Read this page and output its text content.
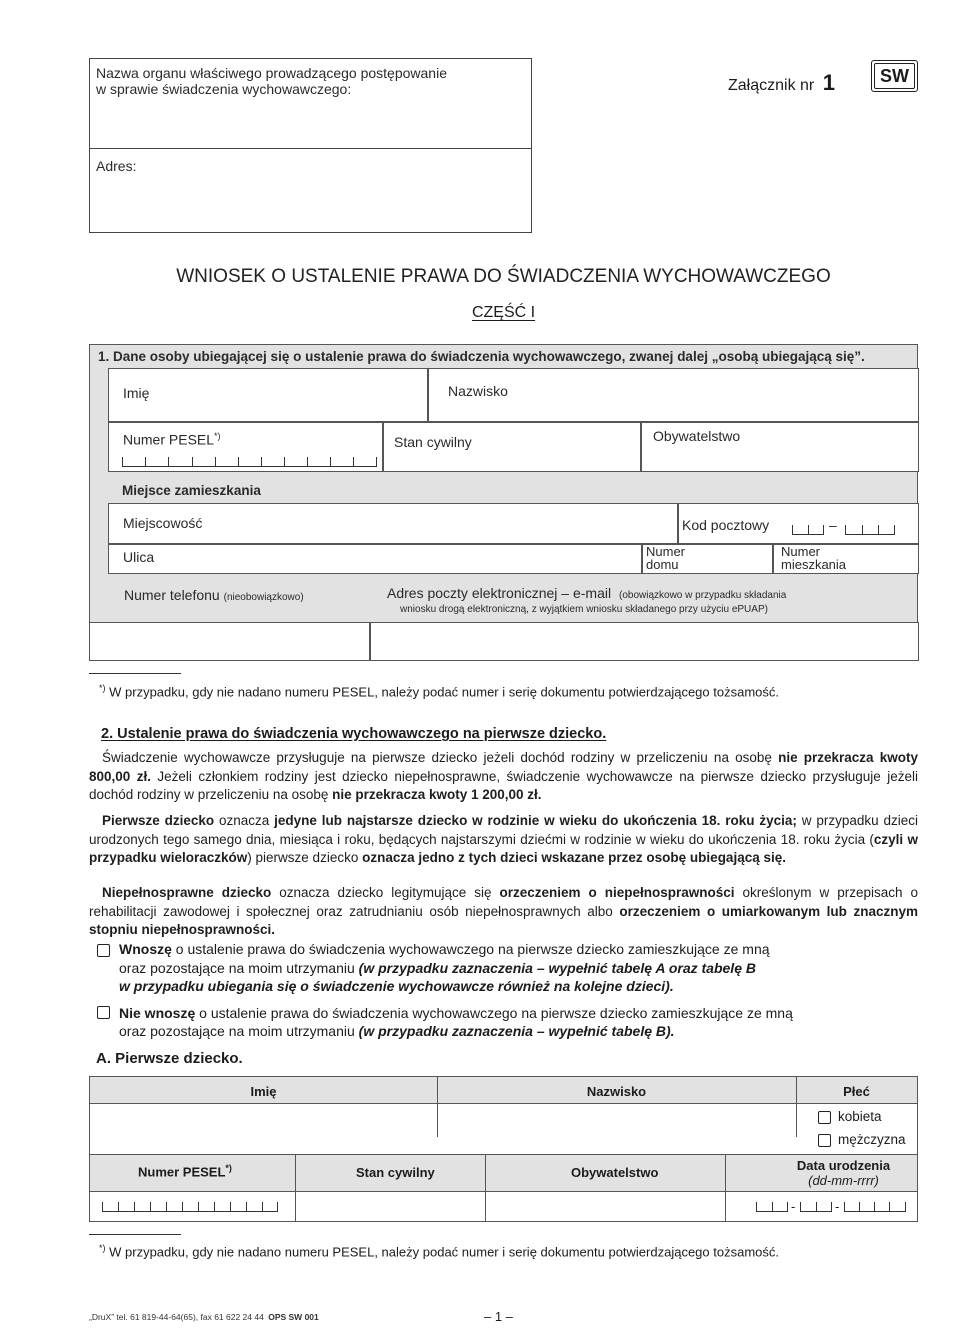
Nazwa organu właściwego prowadzącego postępowanie
w sprawie świadczenia wychowawczego:
Adres:
Załącznik nr 1	SW
WNIOSEK O USTALENIE PRAWA DO ŚWIADCZENIA WYCHOWAWCZEGO
CZĘŚĆ I
1. Dane osoby ubiegającej się o ustalenie prawa do świadczenia wychowawczego, zwanej dalej „osobą ubiegającą się”.
Imię	Nazwisko
Numer PESEL*)	Stan cywilny	Obywatelstwo
Miejsce zamieszkania
Miejscowość	Kod pocztowy	–
Ulica	Numer
domu
Numer
mieszkania
Numer telefonu (nieobowiązkowo)	Adres poczty elektronicznej – e-mail (obowiązkowo w przypadku składania
wniosku drogą elektroniczną, z wyjątkiem wniosku składanego przy użyciu ePUAP)
*) W przypadku, gdy nie nadano numeru PESEL, należy podać numer i serię dokumentu potwierdzającego tożsamość.
2. Ustalenie prawa do świadczenia wychowawczego na pierwsze dziecko.
Świadczenie wychowawcze przysługuje na pierwsze dziecko jeżeli dochód rodziny w przeliczeniu na osobę nie przekracza kwoty 800,00 zł. Jeżeli członkiem rodziny jest dziecko niepełnosprawne, świadczenie wychowawcze na pierwsze dziecko przysługuje jeżeli dochód rodziny w przeliczeniu na osobę nie przekracza kwoty 1 200,00 zł.
Pierwsze dziecko oznacza jedyne lub najstarsze dziecko w rodzinie w wieku do ukończenia 18. roku życia; w przypadku dzieci urodzonych tego samego dnia, miesiąca i roku, będących najstarszymi dziećmi w rodzinie w wieku do ukończenia 18. roku życia (czyli w przypadku wieloraczków) pierwsze dziecko oznacza jedno z tych dzieci wskazane przez osobę ubiegającą się.
Niepełnosprawne dziecko oznacza dziecko legitymujące się orzeczeniem o niepełnosprawności określonym w przepisach o rehabilitacji zawodowej i społecznej oraz zatrudnianiu osób niepełnosprawnych albo orzeczeniem o umiarkowanym lub znacznym stopniu niepełnosprawności.
Wnoszę o ustalenie prawa do świadczenia wychowawczego na pierwsze dziecko zamieszkujące ze mną
oraz pozostające na moim utrzymaniu (w przypadku zaznaczenia – wypełnić tabelę A oraz tabelę B
w przypadku ubiegania się o świadczenie wychowawcze również na kolejne dzieci).
Nie wnoszę o ustalenie prawa do świadczenia wychowawczego na pierwsze dziecko zamieszkujące ze mną
oraz pozostające na moim utrzymaniu (w przypadku zaznaczenia – wypełnić tabelę B).
A. Pierwsze dziecko.
Imię	Nazwisko	Płeć
kobieta
mężczyzna
Numer PESEL*)	Stan cywilny	Obywatelstwo	Data urodzenia
(dd-mm-rrrr)
-	-
*) W przypadku, gdy nie nadano numeru PESEL, należy podać numer i serię dokumentu potwierdzającego tożsamość.
„DruX” tel. 61 819-44-64(65), fax 61 622 24 44 OPS SW 001	– 1 –
